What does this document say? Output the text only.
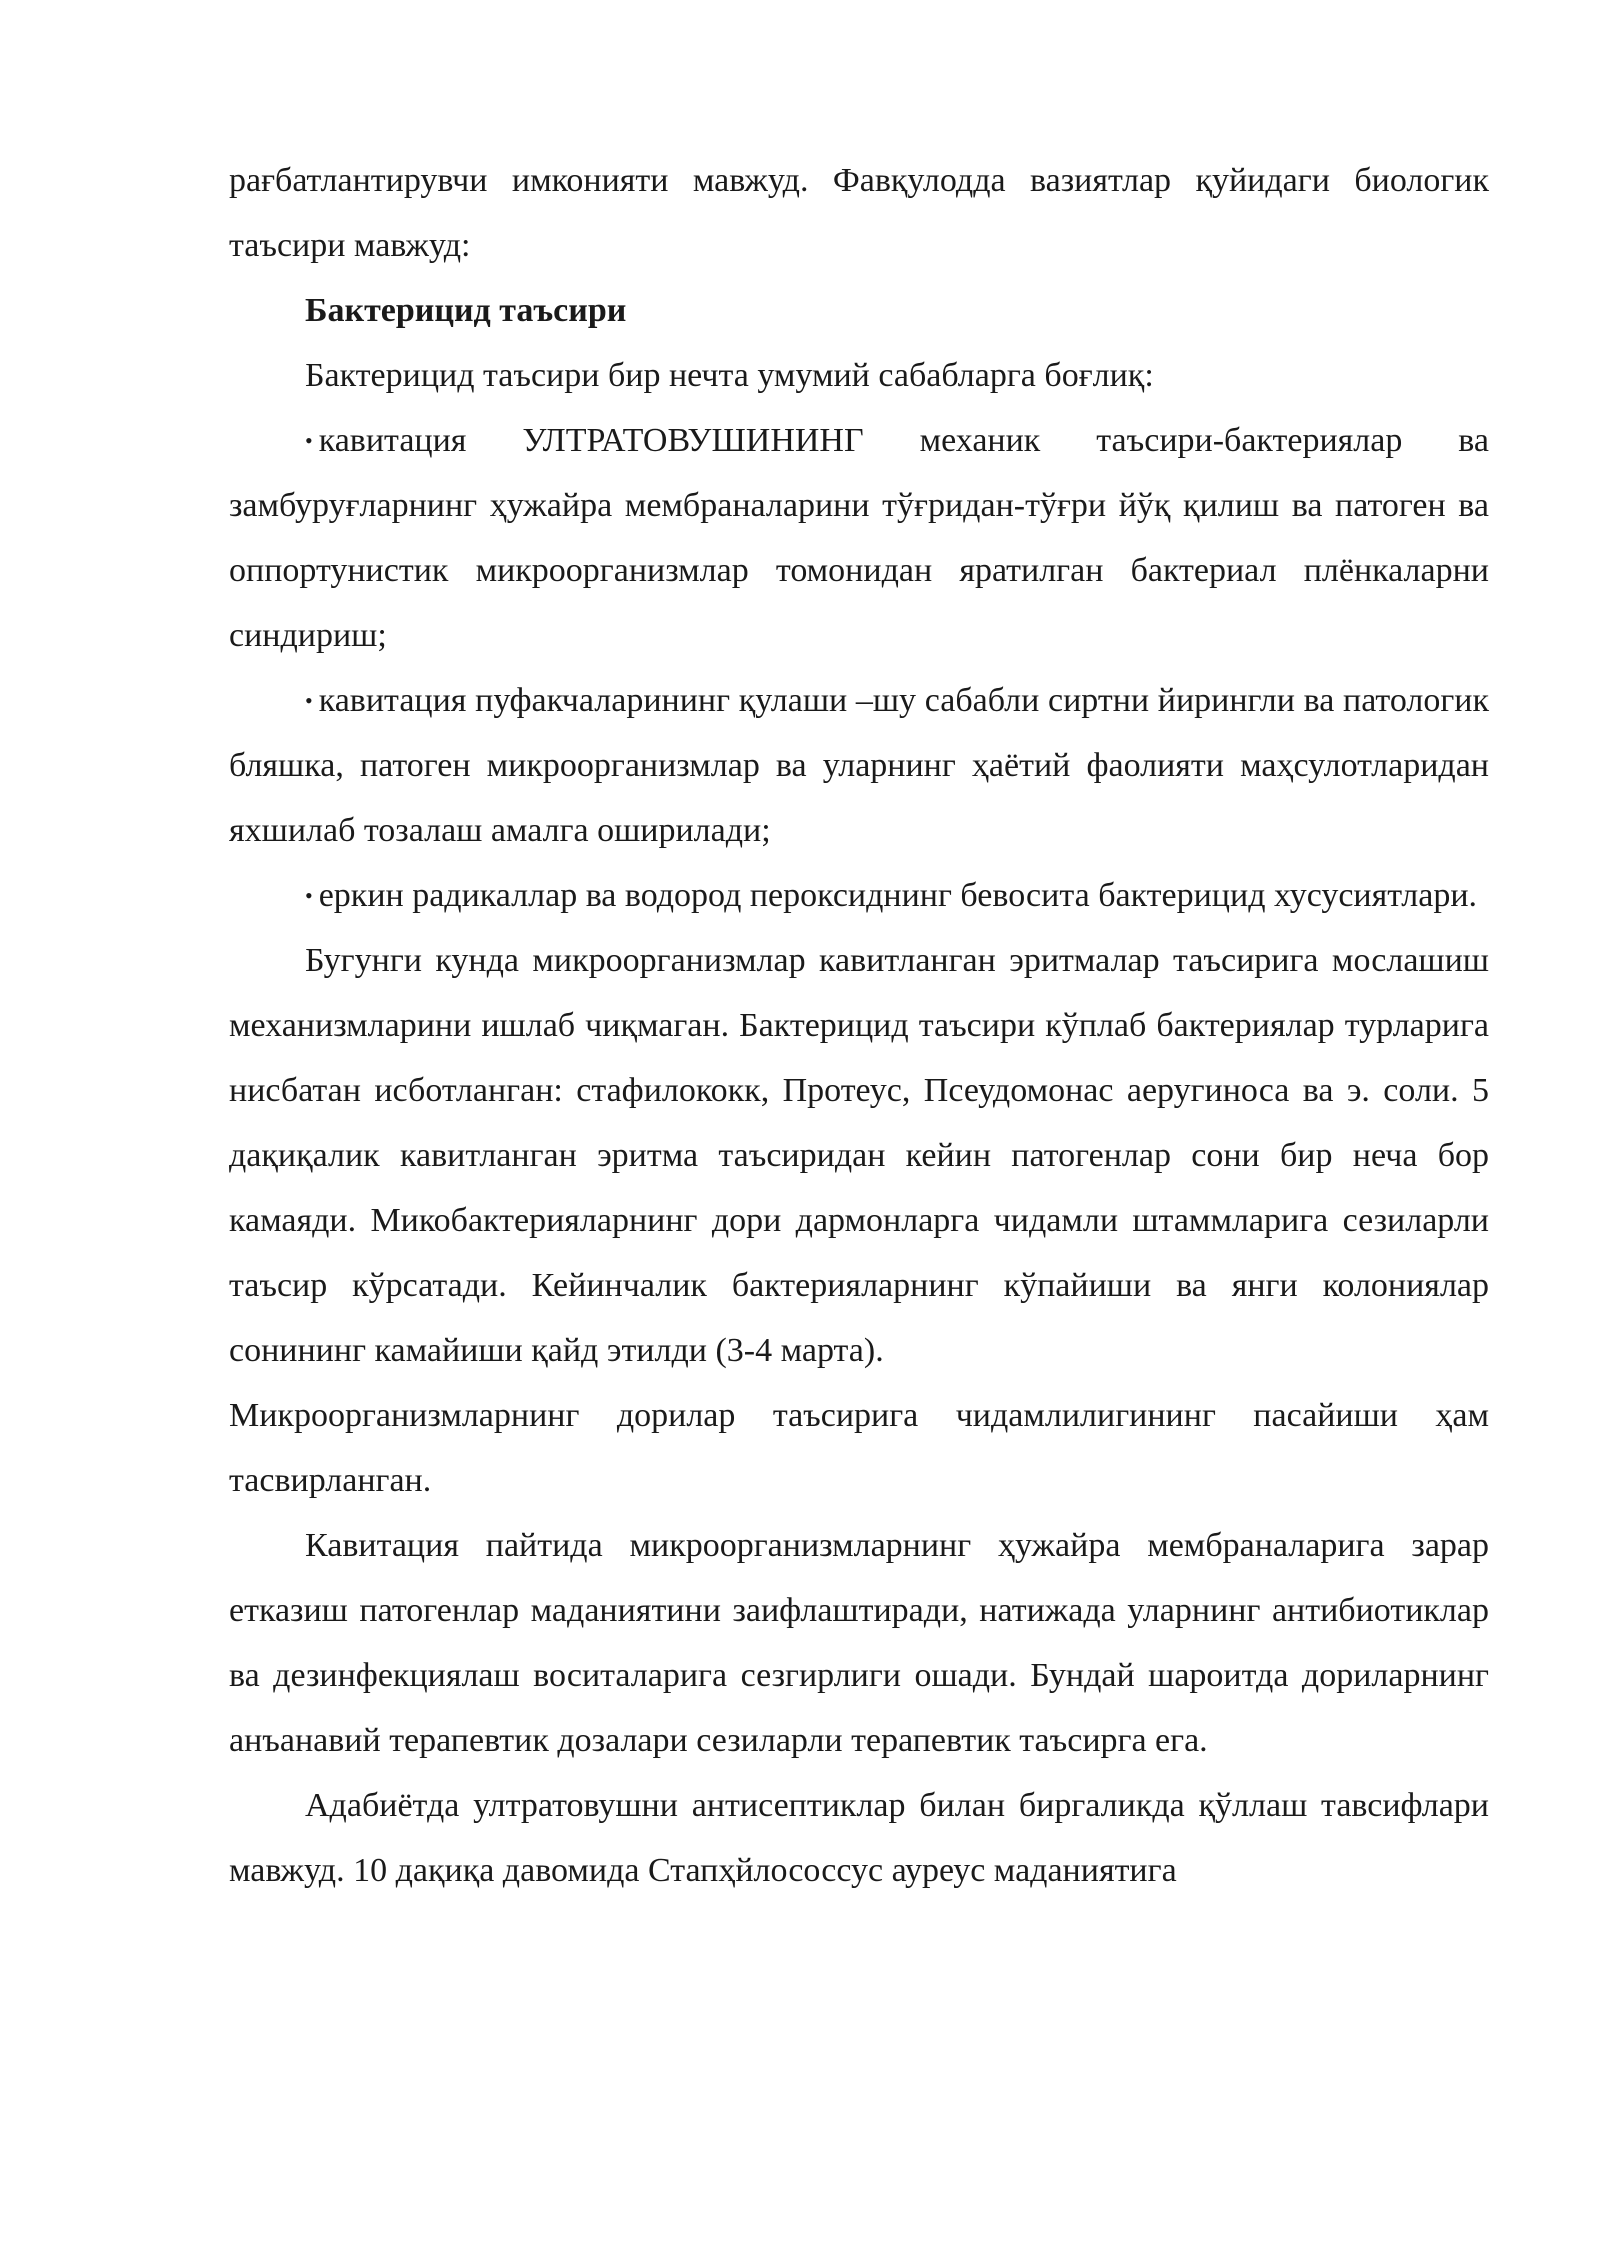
рағбатлантирувчи имконияти мавжуд. Фавқулодда вазиятлар қуйидаги биологик таъсири мавжуд:

Бактерицид таъсири

Бактерицид таъсири бир нечта умумий сабабларга боғлиқ:

• кавитация УЛТРАТОВУШИНИНГ механик таъсири-бактериялар ва замбуруғларнинг ҳужайра мембраналарини тўғридан-тўғри йўқ қилиш ва патоген ва оппортунистик микроорганизмлар томонидан яратилган бактериал плёнкаларни синдириш;

• кавитация пуфакчаларининг қулаши –шу сабабли сиртни йирингли ва патологик бляшка, патоген микроорганизмлар ва уларнинг ҳаётий фаолияти маҳсулотларидан яхшилаб тозалаш амалга оширилади;

• еркин радикаллар ва водород пероксиднинг бевосита бактерицид хусусиятлари.

Бугунги кунда микроорганизмлар кавитланган эритмалар таъсирига мослашиш механизмларини ишлаб чиқмаган. Бактерицид таъсири кўплаб бактериялар турларига нисбатан исботланган: стафилококк, Протеус, Псеудомонас аеругиноса ва э. соли. 5 дақиқалик кавитланган эритма таъсиридан кейин патогенлар сони бир неча бор камаяди. Микобактерияларнинг дори дармонларга чидамли штаммларига сезиларли таъсир кўрсатади. Кейинчалик бактерияларнинг кўпайиши ва янги колониялар сонининг камайиши қайд этилди (3-4 марта).

Микроорганизмларнинг дорилар таъсирига чидамлилигининг пасайиши ҳам тасвирланган.

Кавитация пайтида микроорганизмларнинг ҳужайра мембраналарига зарар етказиш патогенлар маданиятини заифлаштиради, натижада уларнинг антибиотиклар ва дезинфекциялаш воситаларига сезгирлиги ошади. Бундай шароитда дориларнинг анъанавий терапевтик дозалари сезиларли терапевтик таъсирга ега.

Адабиётда ултратовушни антисептиклар билан биргаликда қўллаш тавсифлари мавжуд. 10 дақиқа давомида Стапҳйлососсус ауреус маданиятига
